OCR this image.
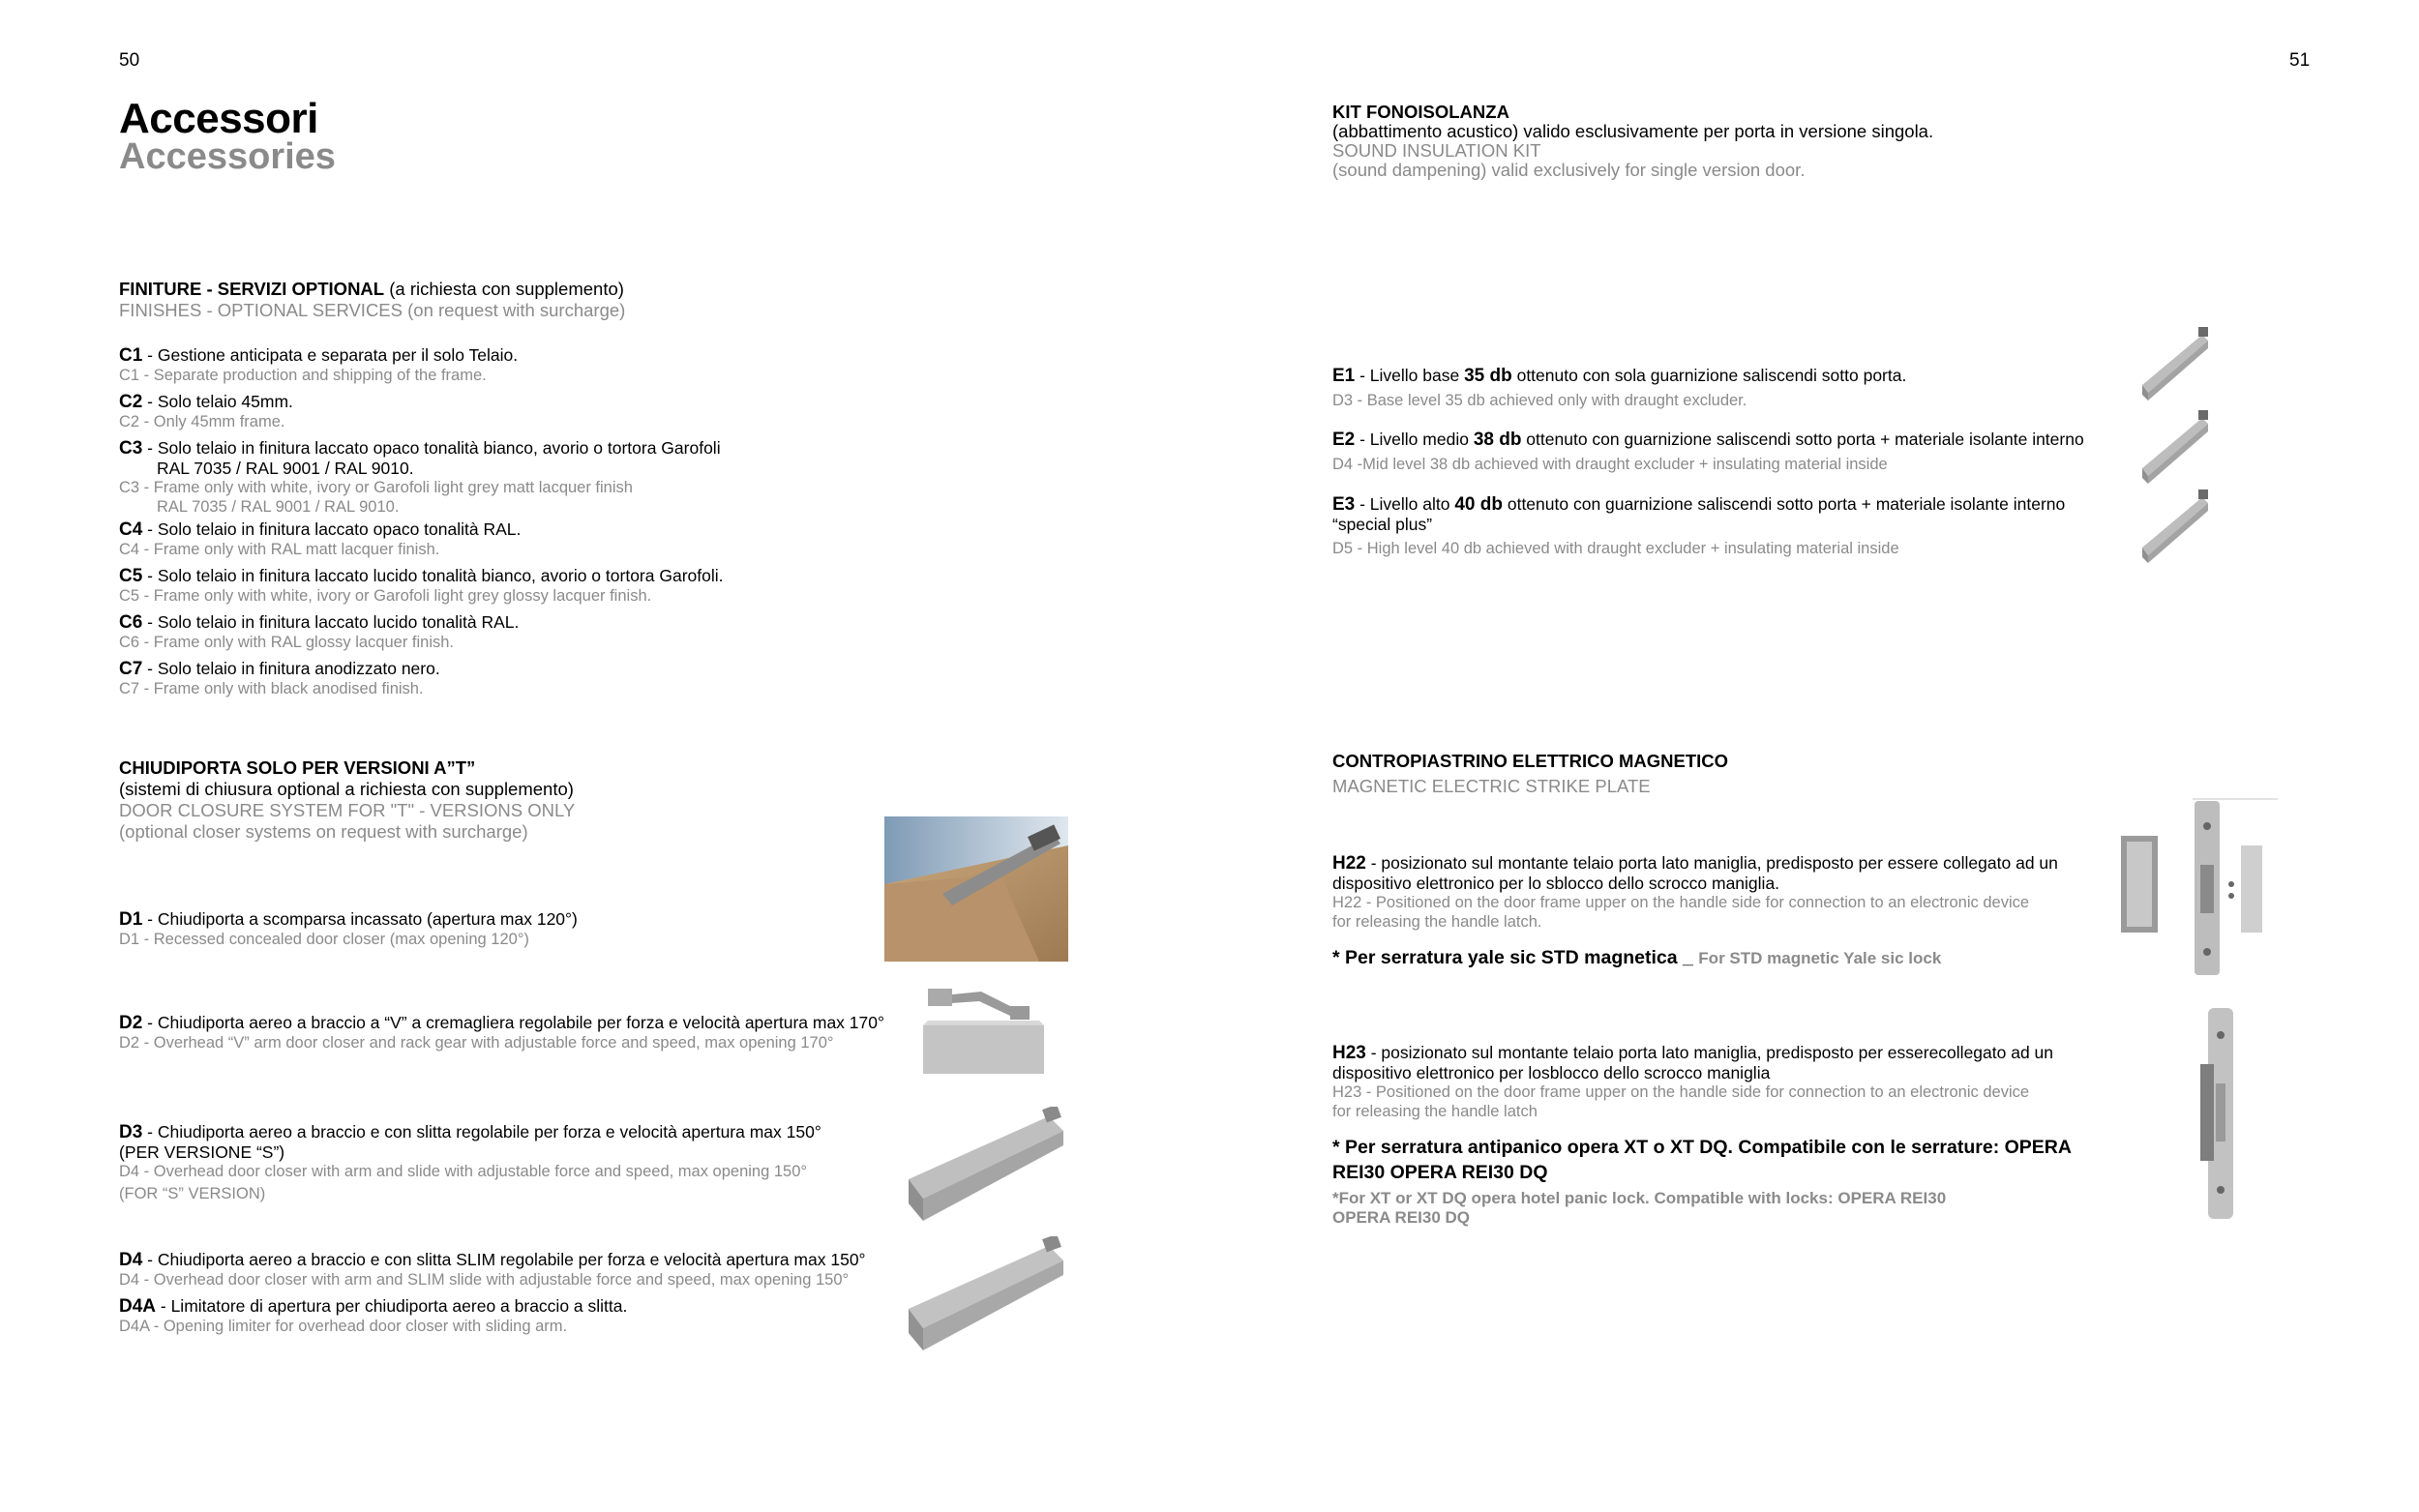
50
Accessori
Accessories
FINITURE - SERVIZI OPTIONAL (a richiesta con supplemento)
FINISHES - OPTIONAL SERVICES (on request with surcharge)
C1 - Gestione anticipata e separata per il solo Telaio.
C1 - Separate production and shipping of the frame.
C2 - Solo telaio 45mm.
C2 - Only 45mm frame.
C3 - Solo telaio in finitura laccato opaco tonalità bianco, avorio o tortora Garofoli
RAL 7035 / RAL 9001 / RAL 9010.
C3 - Frame only with white, ivory or Garofoli light grey matt lacquer finish
RAL 7035 / RAL 9001 / RAL 9010.
C4 - Solo telaio in finitura laccato opaco tonalità RAL.
C4 - Frame only with RAL matt lacquer finish.
C5 - Solo telaio in finitura laccato lucido tonalità bianco, avorio o tortora Garofoli.
C5 - Frame only with white, ivory or Garofoli light grey glossy lacquer finish.
C6 - Solo telaio in finitura laccato lucido tonalità RAL.
C6 - Frame only with RAL glossy lacquer finish.
C7 - Solo telaio in finitura anodizzato nero.
C7 - Frame only with black anodised finish.
CHIUDIPORTA SOLO PER VERSIONI A”T”
(sistemi di chiusura optional a richiesta con supplemento)
DOOR CLOSURE SYSTEM FOR "T" - VERSIONS ONLY
(optional closer systems on request with surcharge)
D1 - Chiudiporta a scomparsa incassato (apertura max 120°)
D1 - Recessed concealed door closer (max opening 120°)
D2 - Chiudiporta aereo a braccio a “V” a cremagliera regolabile per forza e velocità apertura max 170°
D2 - Overhead “V” arm door closer and rack gear with adjustable force and speed, max opening 170°
D3 - Chiudiporta aereo a braccio e con slitta regolabile per forza e velocità apertura max 150°
(PER VERSIONE “S”)
D4 - Overhead door closer with arm and slide with adjustable force and speed, max opening 150°
(FOR “S” VERSION)
D4 - Chiudiporta aereo a braccio e con slitta SLIM regolabile per forza e velocità apertura max 150°
D4 - Overhead door closer with arm and SLIM slide with adjustable force and speed, max opening 150°
D4A - Limitatore di apertura per chiudiporta aereo a braccio a slitta.
D4A - Opening limiter for overhead door closer with sliding arm.
51
KIT FONOISOLANZA
(abbattimento acustico) valido esclusivamente per porta in versione singola.
SOUND INSULATION KIT
(sound dampening) valid exclusively for single version door.
E1 - Livello base 35 db ottenuto con sola guarnizione saliscendi sotto porta.
D3 - Base level 35 db achieved only with draught excluder.
E2 - Livello medio 38 db ottenuto con guarnizione saliscendi sotto porta + materiale isolante interno
D4 -Mid level 38 db achieved with draught excluder + insulating material inside
E3 - Livello alto 40 db ottenuto con guarnizione saliscendi sotto porta + materiale isolante interno
“special plus”
D5 - High level 40 db achieved with draught excluder + insulating material inside
CONTROPIASTRINO ELETTRICO MAGNETICO
MAGNETIC ELECTRIC STRIKE PLATE
H22 - posizionato sul montante telaio porta lato maniglia, predisposto per essere collegato ad un
dispositivo elettronico per lo sblocco dello scrocco maniglia.
H22 - Positioned on the door frame upper on the handle side for connection to an electronic device
for releasing the handle latch.
* Per serratura yale sic STD magnetica _ For STD magnetic Yale sic lock
H23 - posizionato sul montante telaio porta lato maniglia, predisposto per esserecollegato ad un
dispositivo elettronico per losblocco dello scrocco maniglia
H23 - Positioned on the door frame upper on the handle side for connection to an electronic device
for releasing the handle latch
* Per serratura antipanico opera XT o XT DQ. Compatibile con le serrature: OPERA
REI30 OPERA REI30 DQ
*For XT or XT DQ opera hotel panic lock. Compatible with locks: OPERA REI30
OPERA REI30 DQ
